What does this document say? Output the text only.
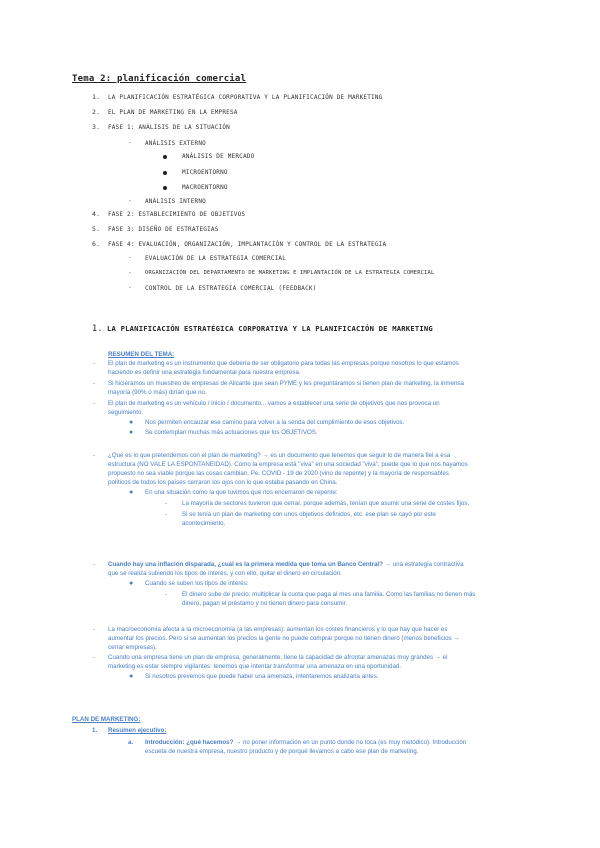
Tema 2: planificación comercial
1. LA PLANIFICACIÓN ESTRATÉGICA CORPORATIVA Y LA PLANIFICACIÓN DE MARKETING
2. EL PLAN DE MARKETING EN LA EMPRESA
3. FASE 1: ANÁLISIS DE LA SITUACIÓN
- ANÁLISIS EXTERNO
ANÁLISIS DE MERCADO
MICROENTORNO
MACROENTORNO
- ANÁLISIS INTERNO
4. FASE 2: ESTABLECIMIENTO DE OBJETIVOS
5. FASE 3: DISEÑO DE ESTRATEGIAS
6. FASE 4: EVALUACIÓN, ORGANIZACIÓN, IMPLANTACIÓN Y CONTROL DE LA ESTRATEGIA
- EVALUACIÓN DE LA ESTRATEGIA COMERCIAL
- ORGANIZACIÓN DEL DEPARTAMENTO DE MARKETING E IMPLANTACIÓN DE LA ESTRATEGIA COMERCIAL
- CONTROL DE LA ESTRATEGIA COMERCIAL (FEEDBACK)
1. LA PLANIFICACIÓN ESTRATÉGICA CORPORATIVA Y LA PLANIFICACIÓN DE MARKETING
RESUMEN DEL TEMA:
- El plan de marketing es un instrumento que debería de ser obligatorio para todas las empresas porque nosotros lo que estamos
haciendo es definir una estrategia fundamental para nuestra empresa.
- Si hiciéramos un muestreo de empresas de Alicante que sean PYME y les preguntáramos si tienen plan de marketing, la inmensa
mayoría (90% o más) dirían que no.
- El plan de marketing es un vehículo / inicio / documento... vamos a establecer una serie de objetivos que nos provoca un
seguimiento.
● Nos permiten encauzar ese camino para volver a la senda del cumplimiento de esos objetivos.
● Se contemplan muchas más actuaciones que los OBJETIVOS.
- ¿Qué es lo que pretendemos con el plan de marketing? → es un documento que tenemos que seguir lo de manera fiel a esa
estructura (NO VALE LA ESPONTANEIDAD). Como la empresa está "viva" en una sociedad "viva", puede que lo que nos hayamos
propuesto no sea viable porque las cosas cambian. Pe. COVID - 19 de 2020 (vino de repente) y la mayoría de responsables
políticos de todos los países cerraron los ojos con lo que estaba pasando en China.
● En una situación como la que tuvimos que nos encerraron de repente:
- La mayoría de sectores tuvieron que cerrar, porque además, tenían que asumir una serie de costes fijos.
- Si se tenía un plan de marketing con unos objetivos definidos, etc. ese plan se cayó por este
acontecimiento.
- Cuando hay una inflación disparada, ¿cuál es la primera medida que toma un Banco Central? → una estrategia contractiva
que se realiza subiendo los tipos de interés, y con ello, quitar el dinero en circulación.
● Cuando se suben los tipos de interés:
- El dinero sube de precio: multiplicar la cuota que paga al mes una familia. Como las familias no tienen más
dinero, pagan el préstamo y no tienen dinero para consumir.
- La macroeconomía afecta a la microeconomía (a las empresas): aumentan los costes financieros y lo que hay que hacer es
aumentar los precios. Pero si se aumentan los precios la gente no puede comprar porque no tienen dinero (menos beneficios →
cerrar empresas).
- Cuando una empresa tiene un plan de empresa, generalmente, tiene la capacidad de afrontar amenazas muy grandes → el
marketing es estar siempre vigilantes: tenemos que intentar transformar una amenaza en una oportunidad.
● Si nosotros prevemos que puede haber una amenaza, intentaremos analizarla antes.
PLAN DE MARKETING:
1. Resumen ejecutivo:
a. Introducción: ¿qué hacemos? → no poner información en un punto donde no toca (es muy metódico). Introducción
escueta de nuestra empresa, nuestro producto y de porqué llevamos a cabo ese plan de marketing.
